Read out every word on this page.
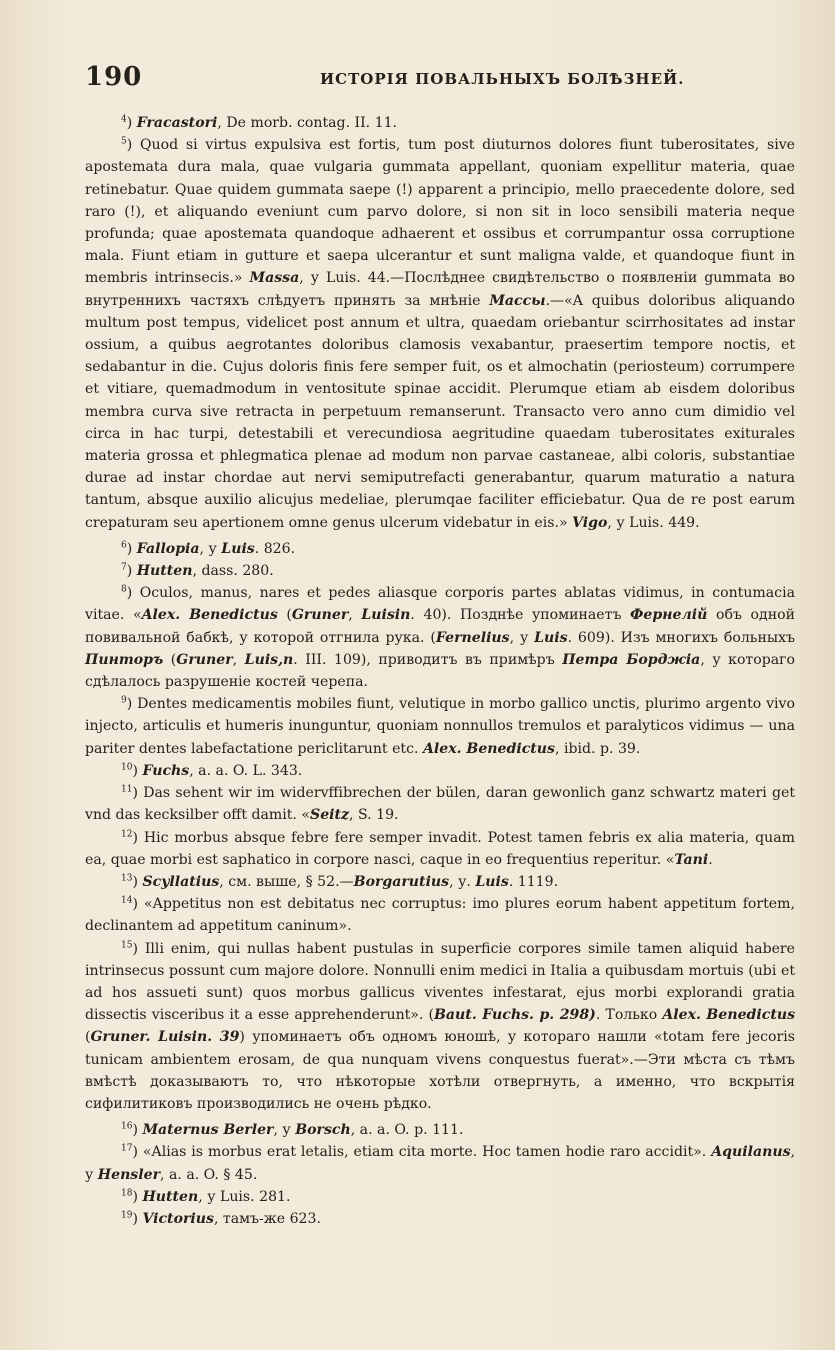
190	ИСТОРІЯ ПОВАЛЬНЫХЪ БОЛѢЗНЕЙ.

$^4$) Fracastori, De morb. contag. II. 11.

$^5$) Quod si virtus expulsiva est fortis, tum post diuturnos dolores fiunt tuberositates, sive apostemata dura mala, quae vulgaria gummata appellant, quoniam expellitur materia, quae retinebatur. Quae quidem gummata saepe (!) apparent a principio, mello praecedente dolore, sed raro (!), et aliquando eveniunt cum parvo dolore, si non sit in loco sensibili materia neque profunda; quae apostemata quandoque adhaerent et ossibus et corrumpantur ossa corruptione mala. Fiunt etiam in gutture et saepa ulcerantur et sunt maligna valde, et quandoque fiunt in membris intrinsecis.» Massa, у Luis. 44.—Послѣднее свидѣтельство о появленіи gummata во внутреннихъ частяхъ слѣдуетъ принять за мнѣніе Массы.—«A quibus doloribus aliquando multum post tempus, videlicet post annum et ultra, quaedam oriebantur scirrhositates ad instar ossium, a quibus aegrotantes doloribus clamosis vexabantur, praesertim tempore noctis, et sedabantur in die. Cujus doloris finis fere semper fuit, os et almochatin (periosteum) corrumpere et vitiare, quemadmodum in ventositute spinae accidit. Plerumque etiam ab eisdem doloribus membra curva sive retracta in perpetuum remanserunt. Transacto vero anno cum dimidio vel circa in hac turpi, detestabili et verecundiosa aegritudine quaedam tuberositates exiturales materia grossa et phlegmatica plenae ad modum non parvae castaneae, albi coloris, substantiae durae ad instar chordae aut nervi semiputrefacti generabantur, quarum maturatio a natura tantum, absque auxilio alicujus medeliae, plerumqae faciliter efficiebatur. Qua de re post earum crepaturam seu apertionem omne genus ulcerum videbatur in eis.» Vigo, у Luis. 449.

$^6$) Fallopia, у Luis. 826.

$^7$) Hutten, dass. 280.

$^8$) Oculos, manus, nares et pedes aliasque corporis partes ablatas vidimus, in contumacia vitae. «Alex. Benedictus (Gruner, Luisin. 40). Позднѣе упоминаетъ Фернелій объ одной повивальной бабкѣ, у которой отгнила рука. (Fernelius, у Luis. 609). Изъ многихъ больныхъ Пинторъ (Gruner, Luis,n. III. 109), приводитъ въ примѣръ Петра Борджіа, у котораго сдѣлалось разрушеніе костей черепа.

$^9$) Dentes medicamentis mobiles fiunt, velutique in morbo gallico unctis, plurimo argento vivo injecto, articulis et humeris inunguntur, quoniam nonnullos tremulos et paralyticos vidimus — una pariter dentes labefactatione periclitarunt etc. Alex. Benedictus, ibid. p. 39.

$^{10}$) Fuchs, a. a. O. L. 343.

$^{11}$) Das sehent wir im widervffibrechen der bülen, daran gewonlich ganz schwartz materi get vnd das kecksilber offt damit. «Seitz, S. 19.

$^{12}$) Hic morbus absque febre fere semper invadit. Potest tamen febris ex alia materia, quam ea, quae morbi est saphatico in corpore nasci, caque in eo frequentius reperitur. «Tani.

$^{13}$) Scyllatius, см. выше, § 52.—Borgarutius, у. Luis. 1119.

$^{14}$) «Appetitus non est debitatus nec corruptus: imo plures eorum habent appetitum fortem, declinantem ad appetitum caninum».

$^{15}$) Illi enim, qui nullas habent pustulas in superficie corpores simile tamen aliquid habere intrinsecus possunt cum majore dolore. Nonnulli enim medici in Italia a quibusdam mortuis (ubi et ad hos assueti sunt) quos morbus gallicus viventes infestarat, ejus morbi explorandi gratia dissectis visceribus it a esse apprehenderunt». (Baut. Fuchs. p. 298). Только Alex. Benedictus (Gruner. Luisin. 39) упоминаетъ объ одномъ юношѣ, у котораго нашли «totam fere jecoris tunicam ambientem erosam, de qua nunquam vivens conquestus fuerat».—Эти мѣста съ тѣмъ вмѣстѣ доказываютъ то, что нѣкоторые хотѣли отвергнуть, а именно, что вскрытія сифилитиковъ производились не очень рѣдко.

$^{16}$) Maternus Berler, у Borsch, a. a. O. p. 111.

$^{17}$) «Alias is morbus erat letalis, etiam cita morte. Hoc tamen hodie raro accidit». Aquilanus, у Hensler, a. a. O. § 45.

$^{18}$) Hutten, у Luis. 281.

$^{19}$) Victorius, тамъ-же 623.
